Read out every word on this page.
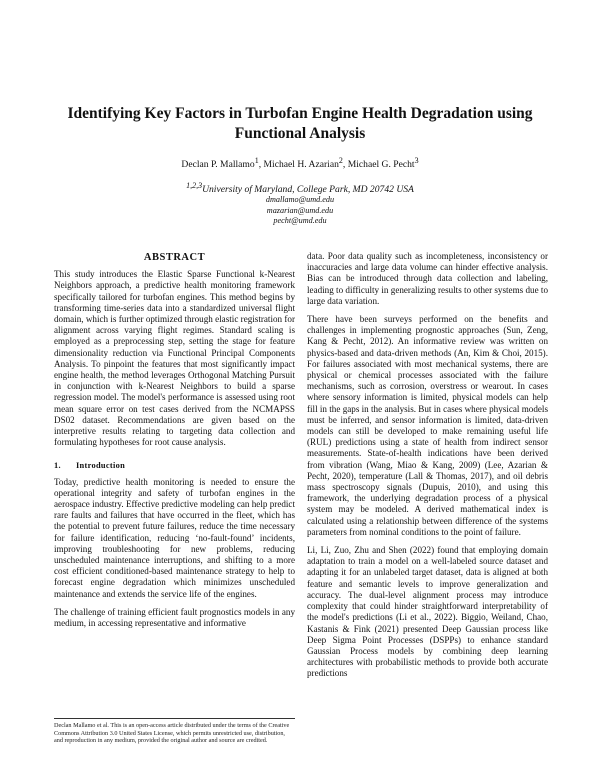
Identifying Key Factors in Turbofan Engine Health Degradation using Functional Analysis
Declan P. Mallamo$^1$, Michael H. Azarian$^2$, Michael G. Pecht$^3$
$^{1,2,3}$University of Maryland, College Park, MD 20742 USA
dmallamo@umd.edu
mazarian@umd.edu
pecht@umd.edu
ABSTRACT

This study introduces the Elastic Sparse Functional k-Nearest Neighbors approach, a predictive health monitoring framework specifically tailored for turbofan engines. This method begins by transforming time-series data into a standardized universal flight domain, which is further optimized through elastic registration for alignment across varying flight regimes. Standard scaling is employed as a preprocessing step, setting the stage for feature dimensionality reduction via Functional Principal Components Analysis. To pinpoint the features that most significantly impact engine health, the method leverages Orthogonal Matching Pursuit in conjunction with k-Nearest Neighbors to build a sparse regression model. The model's performance is assessed using root mean square error on test cases derived from the NCMAPSS DS02 dataset. Recommendations are given based on the interpretive results relating to targeting data collection and formulating hypotheses for root cause analysis.

1. Introduction

Today, predictive health monitoring is needed to ensure the operational integrity and safety of turbofan engines in the aerospace industry. Effective predictive modeling can help predict rare faults and failures that have occurred in the fleet, which has the potential to prevent future failures, reduce the time necessary for failure identification, reducing ‘no-fault-found’ incidents, improving troubleshooting for new problems, reducing unscheduled maintenance interruptions, and shifting to a more cost efficient conditioned-based maintenance strategy to help to forecast engine degradation which minimizes unscheduled maintenance and extends the service life of the engines.

The challenge of training efficient fault prognostics models in any medium, in accessing representative and informative

data. Poor data quality such as incompleteness, inconsistency or inaccuracies and large data volume can hinder effective analysis. Bias can be introduced through data collection and labeling, leading to difficulty in generalizing results to other systems due to large data variation.

There have been surveys performed on the benefits and challenges in implementing prognostic approaches (Sun, Zeng, Kang & Pecht, 2012). An informative review was written on physics-based and data-driven methods (An, Kim & Choi, 2015). For failures associated with most mechanical systems, there are physical or chemical processes associated with the failure mechanisms, such as corrosion, overstress or wearout. In cases where sensory information is limited, physical models can help fill in the gaps in the analysis. But in cases where physical models must be inferred, and sensor information is limited, data-driven models can still be developed to make remaining useful life (RUL) predictions using a state of health from indirect sensor measurements. State-of-health indications have been derived from vibration (Wang, Miao & Kang, 2009) (Lee, Azarian & Pecht, 2020), temperature (Lall & Thomas, 2017), and oil debris mass spectroscopy signals (Dupuis, 2010), and using this framework, the underlying degradation process of a physical system may be modeled. A derived mathematical index is calculated using a relationship between difference of the systems parameters from nominal conditions to the point of failure.

Li, Li, Zuo, Zhu and Shen (2022) found that employing domain adaptation to train a model on a well-labeled source dataset and adapting it for an unlabeled target dataset, data is aligned at both feature and semantic levels to improve generalization and accuracy. The dual-level alignment process may introduce complexity that could hinder straightforward interpretability of the model's predictions (Li et al., 2022). Biggio, Weiland, Chao, Kastanis & Fink (2021) presented Deep Gaussian process like Deep Sigma Point Processes (DSPPs) to enhance standard Gaussian Process models by combining deep learning architectures with probabilistic methods to provide both accurate predictions

Declan Mallamo et al. This is an open-access article distributed under the terms of the Creative Commons Attribution 3.0 United States License, which permits unrestricted use, distribution, and reproduction in any medium, provided the original author and source are credited.
